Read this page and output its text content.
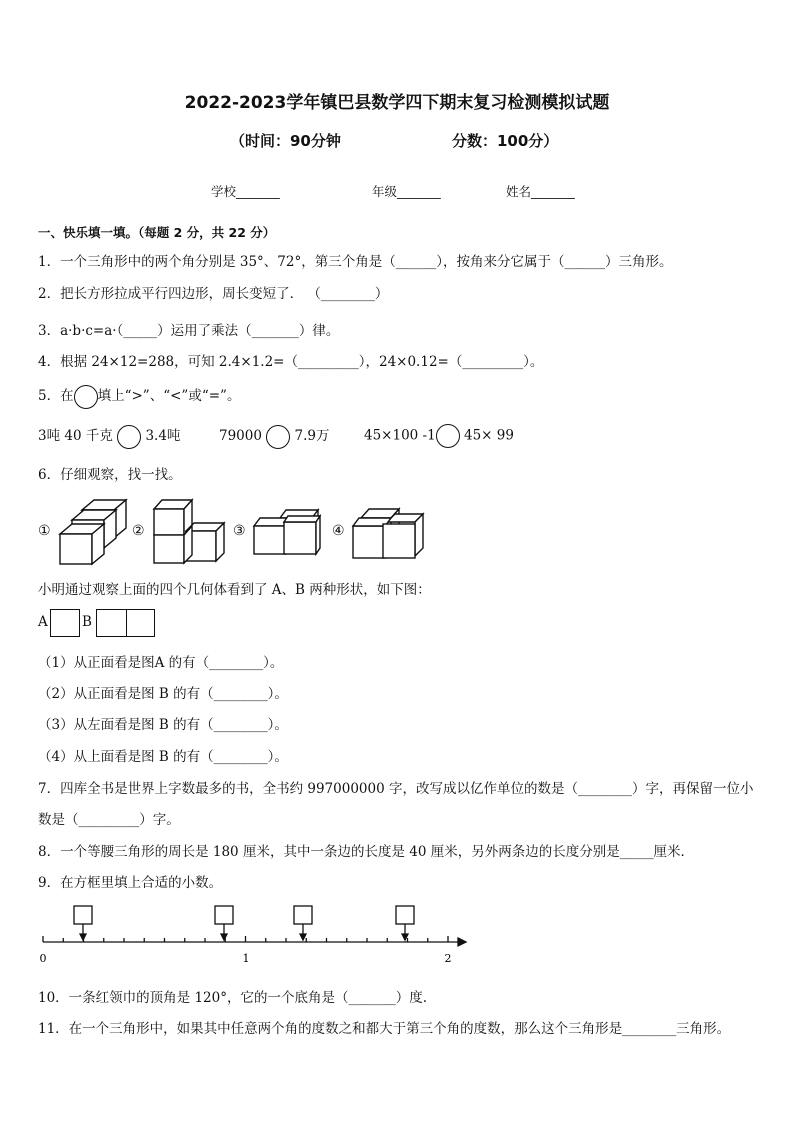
2022-2023学年镇巴县数学四下期末复习检测模拟试题
（时间：90分钟	分数：100分）
学校_______	年级_______	姓名_______
一、快乐填一填。（每题 2 分，共 22 分）
1．一个三角形中的两个角分别是 35°、72°，第三个角是（______），按角来分它属于（______）三角形。
2．把长方形拉成平行四边形，周长变短了． （________）
3．a·b·c=a·（_____）运用了乘法（_______）律。
4．根据 24×12=288，可知 2.4×1.2=（_________），24×0.12=（_________）。
5．在 填上“>”、“<”或“=”。
3吨 40 千克 3.4吨	79000 7.9万	45×100 -1 45× 99
6．仔细观察，找一找。
①	②	③	④
小明通过观察上面的四个几何体看到了 A、B 两种形状，如下图：
A	B
（1）从正面看是图A 的有（________）。
（2）从正面看是图 B 的有（________）。
（3）从左面看是图 B 的有（________）。
（4）从上面看是图 B 的有（________）。
7．四库全书是世界上字数最多的书，全书约 997000000 字，改写成以亿作单位的数是（________）字，再保留一位小
数是（_________）字。
8．一个等腰三角形的周长是 180 厘米，其中一条边的长度是 40 厘米，另外两条边的长度分别是_____厘米．
9．在方框里填上合适的小数。
0	1	2
10．一条红领巾的顶角是 120°，它的一个底角是（_______）度.
11．在一个三角形中，如果其中任意两个角的度数之和都大于第三个角的度数，那么这个三角形是________三角形。
